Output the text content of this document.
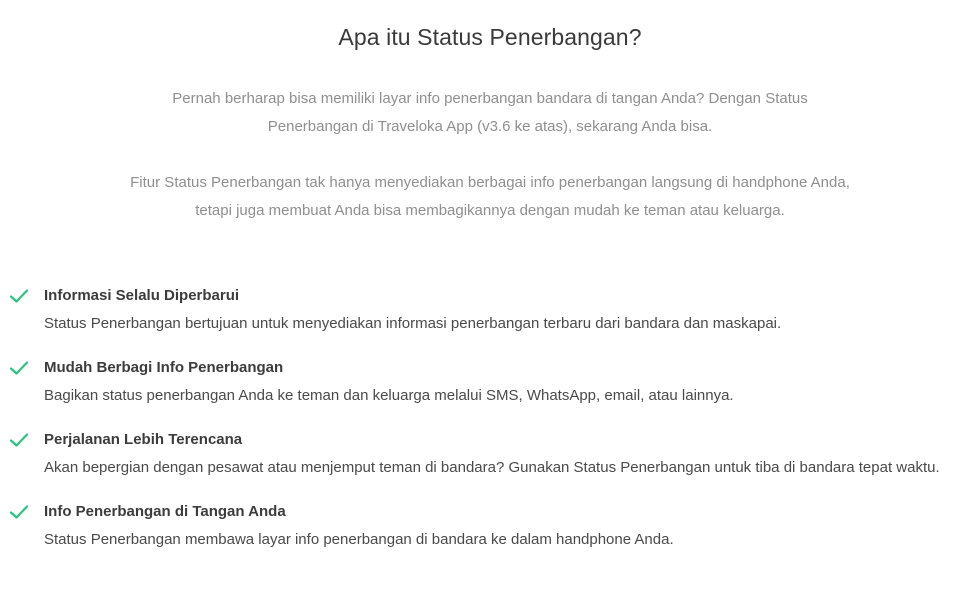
Apa itu Status Penerbangan?

Pernah berharap bisa memiliki layar info penerbangan bandara di tangan Anda? Dengan Status Penerbangan di Traveloka App (v3.6 ke atas), sekarang Anda bisa.

Fitur Status Penerbangan tak hanya menyediakan berbagai info penerbangan langsung di handphone Anda, tetapi juga membuat Anda bisa membagikannya dengan mudah ke teman atau keluarga.

Informasi Selalu Diperbarui
Status Penerbangan bertujuan untuk menyediakan informasi penerbangan terbaru dari bandara dan maskapai.
Mudah Berbagi Info Penerbangan
Bagikan status penerbangan Anda ke teman dan keluarga melalui SMS, WhatsApp, email, atau lainnya.
Perjalanan Lebih Terencana
Akan bepergian dengan pesawat atau menjemput teman di bandara? Gunakan Status Penerbangan untuk tiba di bandara tepat waktu.
Info Penerbangan di Tangan Anda
Status Penerbangan membawa layar info penerbangan di bandara ke dalam handphone Anda.
